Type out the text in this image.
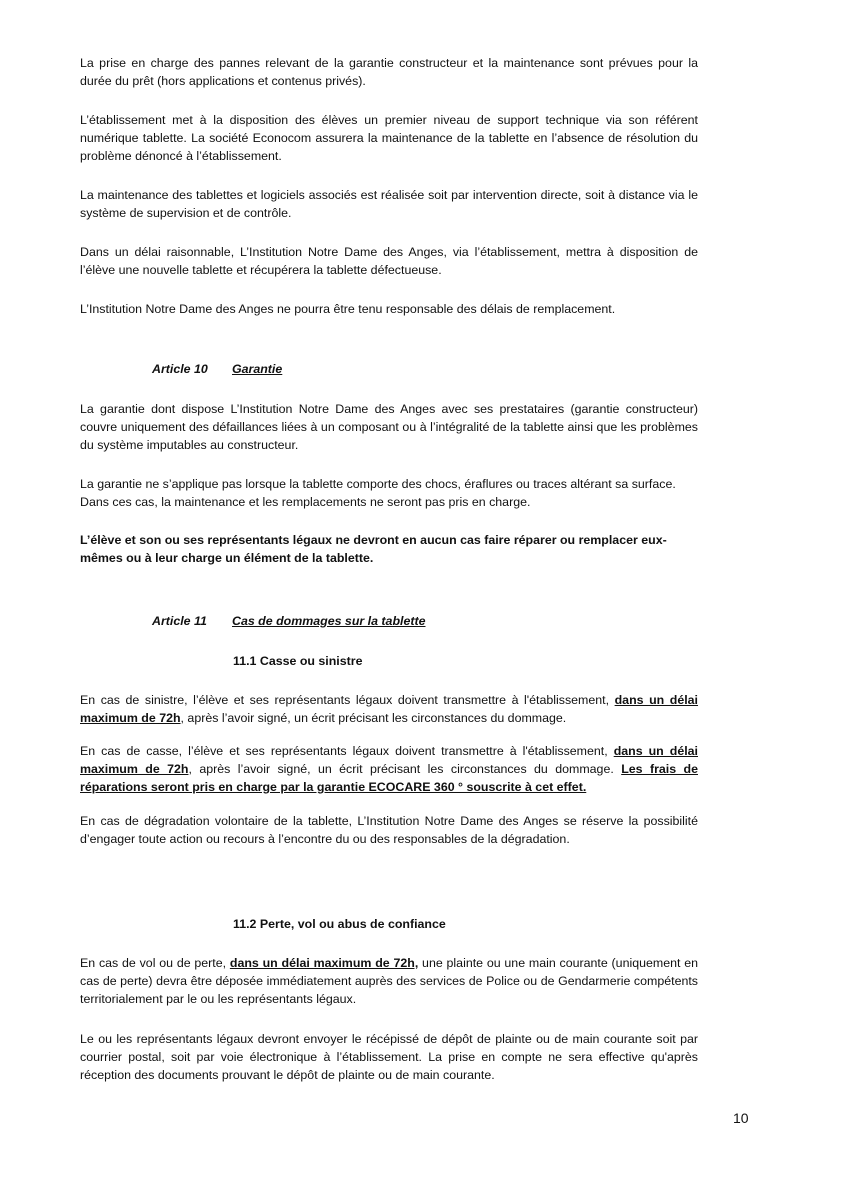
La prise en charge des pannes relevant de la garantie constructeur et la maintenance sont prévues pour la durée du prêt (hors applications et contenus privés).

L’établissement met à la disposition des élèves un premier niveau de support technique via son référent numérique tablette. La société Econocom assurera la maintenance de la tablette en l’absence de résolution du problème dénoncé à l’établissement.

La maintenance des tablettes et logiciels associés est réalisée soit par intervention directe, soit à distance via le système de supervision et de contrôle.

Dans un délai raisonnable, L’Institution Notre Dame des Anges, via l’établissement, mettra à disposition de l’élève une nouvelle tablette et récupérera la tablette défectueuse.

L’Institution Notre Dame des Anges ne pourra être tenu responsable des délais de remplacement.

Article 10 Garantie

La garantie dont dispose L’Institution Notre Dame des Anges avec ses prestataires (garantie constructeur) couvre uniquement des défaillances liées à un composant ou à l’intégralité de la tablette ainsi que les problèmes du système imputables au constructeur.

La garantie ne s’applique pas lorsque la tablette comporte des chocs, éraflures ou traces altérant sa surface. Dans ces cas, la maintenance et les remplacements ne seront pas pris en charge.

L’élève et son ou ses représentants légaux ne devront en aucun cas faire réparer ou remplacer eux-mêmes ou à leur charge un élément de la tablette.

Article 11 Cas de dommages sur la tablette
11.1 Casse ou sinistre

En cas de sinistre, l’élève et ses représentants légaux doivent transmettre à l'établissement, dans un délai maximum de 72h, après l’avoir signé, un écrit précisant les circonstances du dommage.

En cas de casse, l’élève et ses représentants légaux doivent transmettre à l'établissement, dans un délai maximum de 72h, après l’avoir signé, un écrit précisant les circonstances du dommage. Les frais de réparations seront pris en charge par la garantie ECOCARE 360 ° souscrite à cet effet.

En cas de dégradation volontaire de la tablette, L’Institution Notre Dame des Anges se réserve la possibilité d’engager toute action ou recours à l’encontre du ou des responsables de la dégradation.

11.2 Perte, vol ou abus de confiance

En cas de vol ou de perte, dans un délai maximum de 72h, une plainte ou une main courante (uniquement en cas de perte) devra être déposée immédiatement auprès des services de Police ou de Gendarmerie compétents territorialement par le ou les représentants légaux.

Le ou les représentants légaux devront envoyer le récépissé de dépôt de plainte ou de main courante soit par courrier postal, soit par voie électronique à l’établissement. La prise en compte ne sera effective qu'après réception des documents prouvant le dépôt de plainte ou de main courante.

10
